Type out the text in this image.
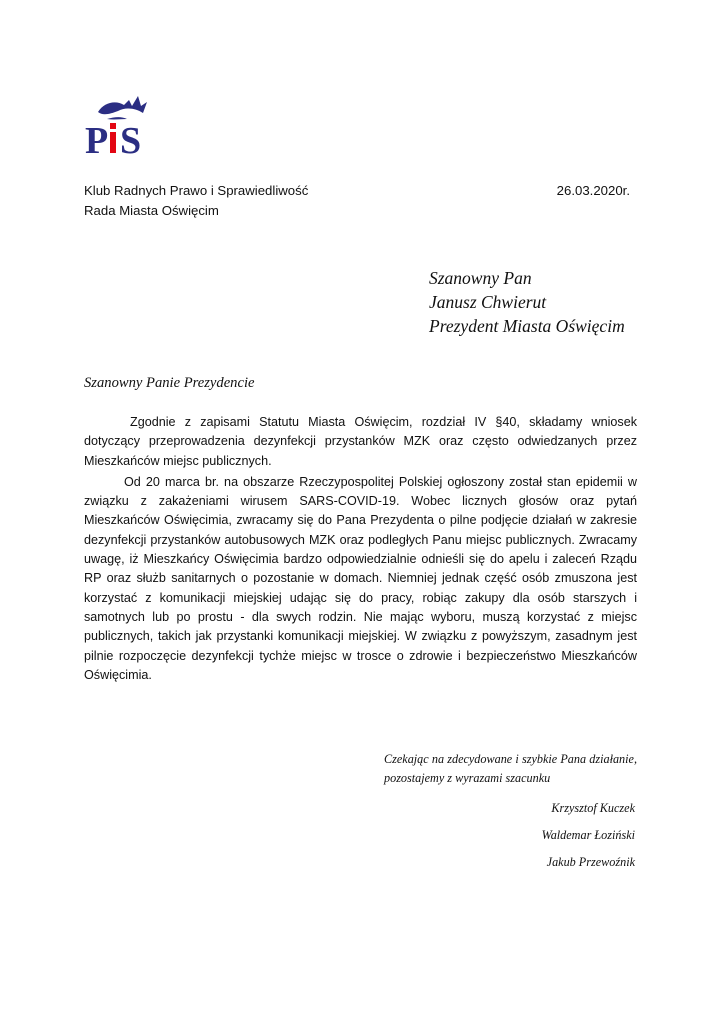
P S
Klub Radnych Prawo i Sprawiedliwość
Rada Miasta Oświęcim
26.03.2020r.
Szanowny Pan
Janusz Chwierut
Prezydent Miasta Oświęcim
Szanowny Panie Prezydencie

Zgodnie z zapisami Statutu Miasta Oświęcim, rozdział IV §40, składamy wniosek dotyczący przeprowadzenia dezynfekcji przystanków MZK oraz często odwiedzanych przez Mieszkańców miejsc publicznych.

Od 20 marca br. na obszarze Rzeczypospolitej Polskiej ogłoszony został stan epidemii w związku z zakażeniami wirusem SARS-COVID-19. Wobec licznych głosów oraz pytań Mieszkańców Oświęcimia, zwracamy się do Pana Prezydenta o pilne podjęcie działań w zakresie dezynfekcji przystanków autobusowych MZK oraz podległych Panu miejsc publicznych. Zwracamy uwagę, iż Mieszkańcy Oświęcimia bardzo odpowiedzialnie odnieśli się do apelu i zaleceń Rządu RP oraz służb sanitarnych o pozostanie w domach. Niemniej jednak część osób zmuszona jest korzystać z komunikacji miejskiej udając się do pracy, robiąc zakupy dla osób starszych i samotnych lub po prostu - dla swych rodzin. Nie mając wyboru, muszą korzystać z miejsc publicznych, takich jak przystanki komunikacji miejskiej. W związku z powyższym, zasadnym jest pilnie rozpoczęcie dezynfekcji tychże miejsc w trosce o zdrowie i bezpieczeństwo Mieszkańców Oświęcimia.

Czekając na zdecydowane i szybkie Pana działanie, pozostajemy z wyrazami szacunku
Krzysztof Kuczek
Waldemar Łoziński
Jakub Przewoźnik
